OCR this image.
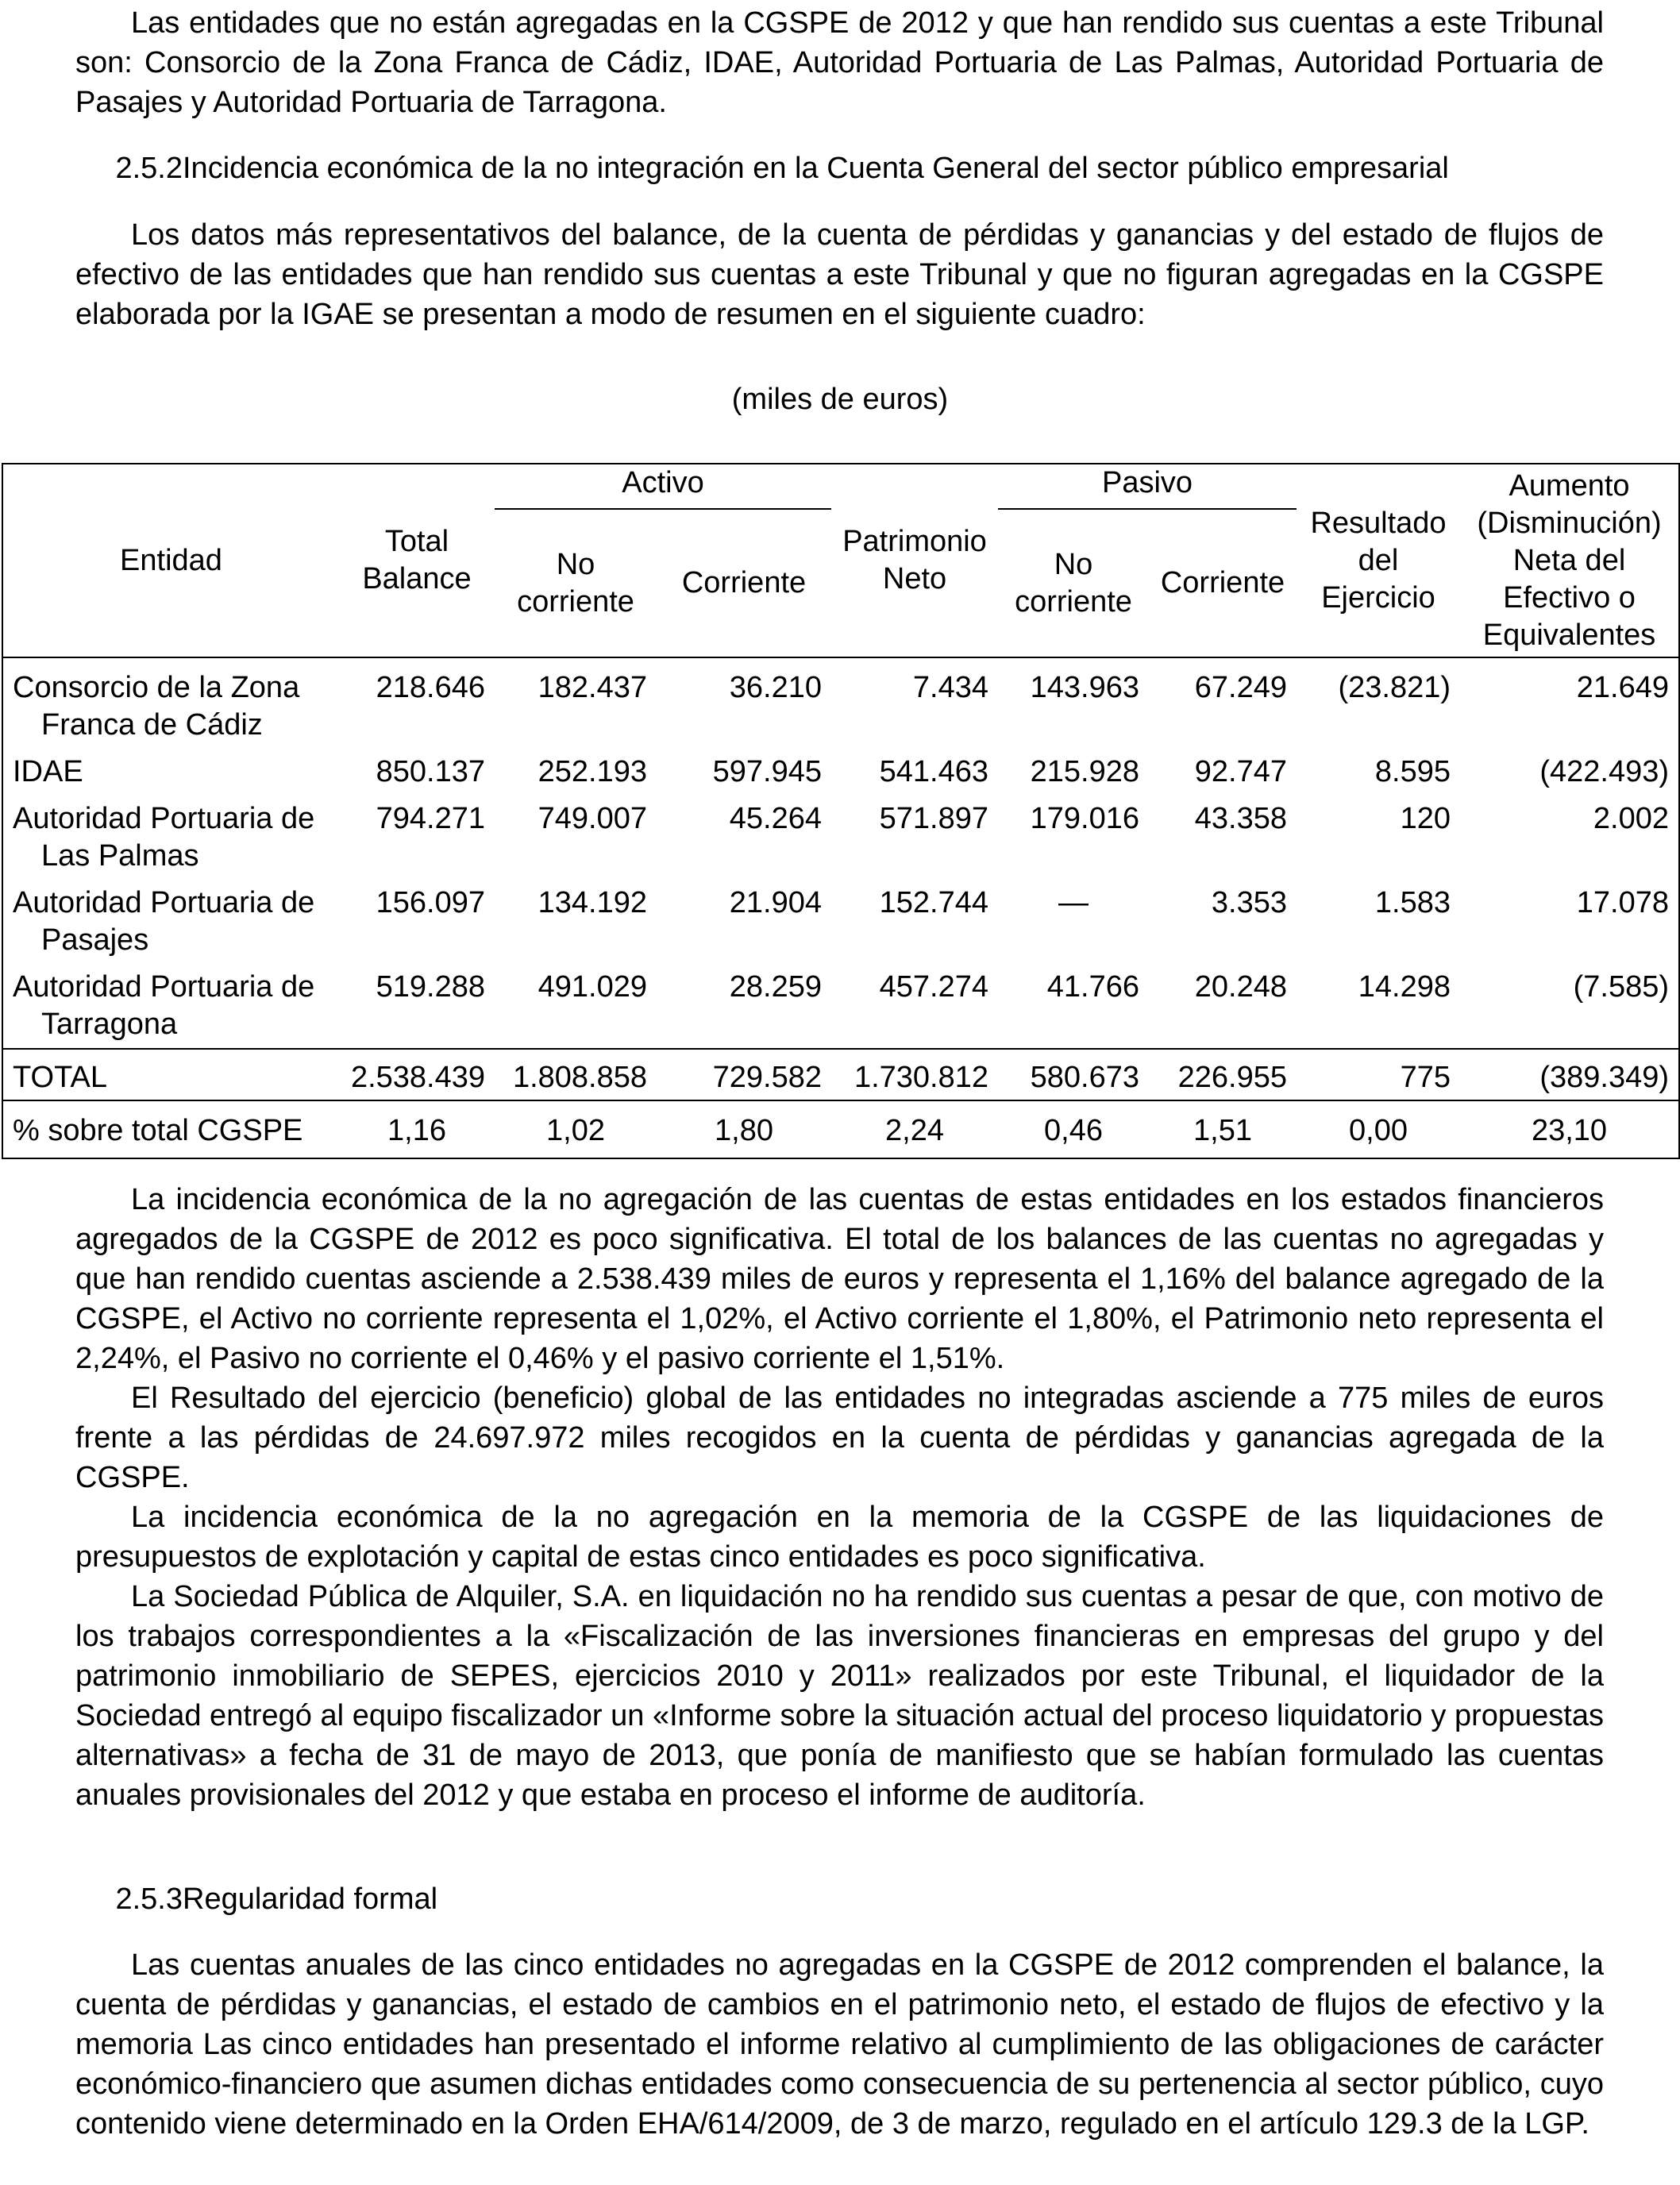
Las entidades que no están agregadas en la CGSPE de 2012 y que han rendido sus cuentas a este Tribunal son: Consorcio de la Zona Franca de Cádiz, IDAE, Autoridad Portuaria de Las Palmas, Autoridad Portuaria de Pasajes y Autoridad Portuaria de Tarragona.

2.5.2Incidencia económica de la no integración en la Cuenta General del sector público empresarial

Los datos más representativos del balance, de la cuenta de pérdidas y ganancias y del estado de flujos de efectivo de las entidades que han rendido sus cuentas a este Tribunal y que no figuran agregadas en la CGSPE elaborada por la IGAE se presentan a modo de resumen en el siguiente cuadro:

(miles de euros)
Entidad	Total Balance	Activo		Patrimonio Neto	Pasivo		Resultado del Ejercicio	Aumento (Disminución) Neta del Efectivo o Equivalentes
		No corriente	Corriente		No corriente	Corriente		

Consorcio de la Zona
Franca de Cádiz	218.646	182.437	36.210	7.434	143.963	67.249	(23.821)	21.649
IDAE	850.137	252.193	597.945	541.463	215.928	92.747	8.595	(422.493)
Autoridad Portuaria de
Las Palmas	794.271	749.007	45.264	571.897	179.016	43.358	120	2.002
Autoridad Portuaria de
Pasajes	156.097	134.192	21.904	152.744	—	3.353	1.583	17.078
Autoridad Portuaria de
Tarragona	519.288	491.029	28.259	457.274	41.766	20.248	14.298	(7.585)
TOTAL	2.538.439	1.808.858	729.582	1.730.812	580.673	226.955	775	(389.349)
% sobre total CGSPE	1,16	1,02	1,80	2,24	0,46	1,51	0,00	23,10

La incidencia económica de la no agregación de las cuentas de estas entidades en los estados financieros agregados de la CGSPE de 2012 es poco significativa. El total de los balances de las cuentas no agregadas y que han rendido cuentas asciende a 2.538.439 miles de euros y representa el 1,16% del balance agregado de la CGSPE, el Activo no corriente representa el 1,02%, el Activo corriente el 1,80%, el Patrimonio neto representa el 2,24%, el Pasivo no corriente el 0,46% y el pasivo corriente el 1,51%.

El Resultado del ejercicio (beneficio) global de las entidades no integradas asciende a 775 miles de euros frente a las pérdidas de 24.697.972 miles recogidos en la cuenta de pérdidas y ganancias agregada de la CGSPE.

La incidencia económica de la no agregación en la memoria de la CGSPE de las liquidaciones de presupuestos de explotación y capital de estas cinco entidades es poco significativa.

La Sociedad Pública de Alquiler, S.A. en liquidación no ha rendido sus cuentas a pesar de que, con motivo de los trabajos correspondientes a la «Fiscalización de las inversiones financieras en empresas del grupo y del patrimonio inmobiliario de SEPES, ejercicios 2010 y 2011» realizados por este Tribunal, el liquidador de la Sociedad entregó al equipo fiscalizador un «Informe sobre la situación actual del proceso liquidatorio y propuestas alternativas» a fecha de 31 de mayo de 2013, que ponía de manifiesto que se habían formulado las cuentas anuales provisionales del 2012 y que estaba en proceso el informe de auditoría.

2.5.3Regularidad formal

Las cuentas anuales de las cinco entidades no agregadas en la CGSPE de 2012 comprenden el balance, la cuenta de pérdidas y ganancias, el estado de cambios en el patrimonio neto, el estado de flujos de efectivo y la memoria Las cinco entidades han presentado el informe relativo al cumplimiento de las obligaciones de carácter económico-financiero que asumen dichas entidades como consecuencia de su pertenencia al sector público, cuyo contenido viene determinado en la Orden EHA/614/2009, de 3 de marzo, regulado en el artículo 129.3 de la LGP.
